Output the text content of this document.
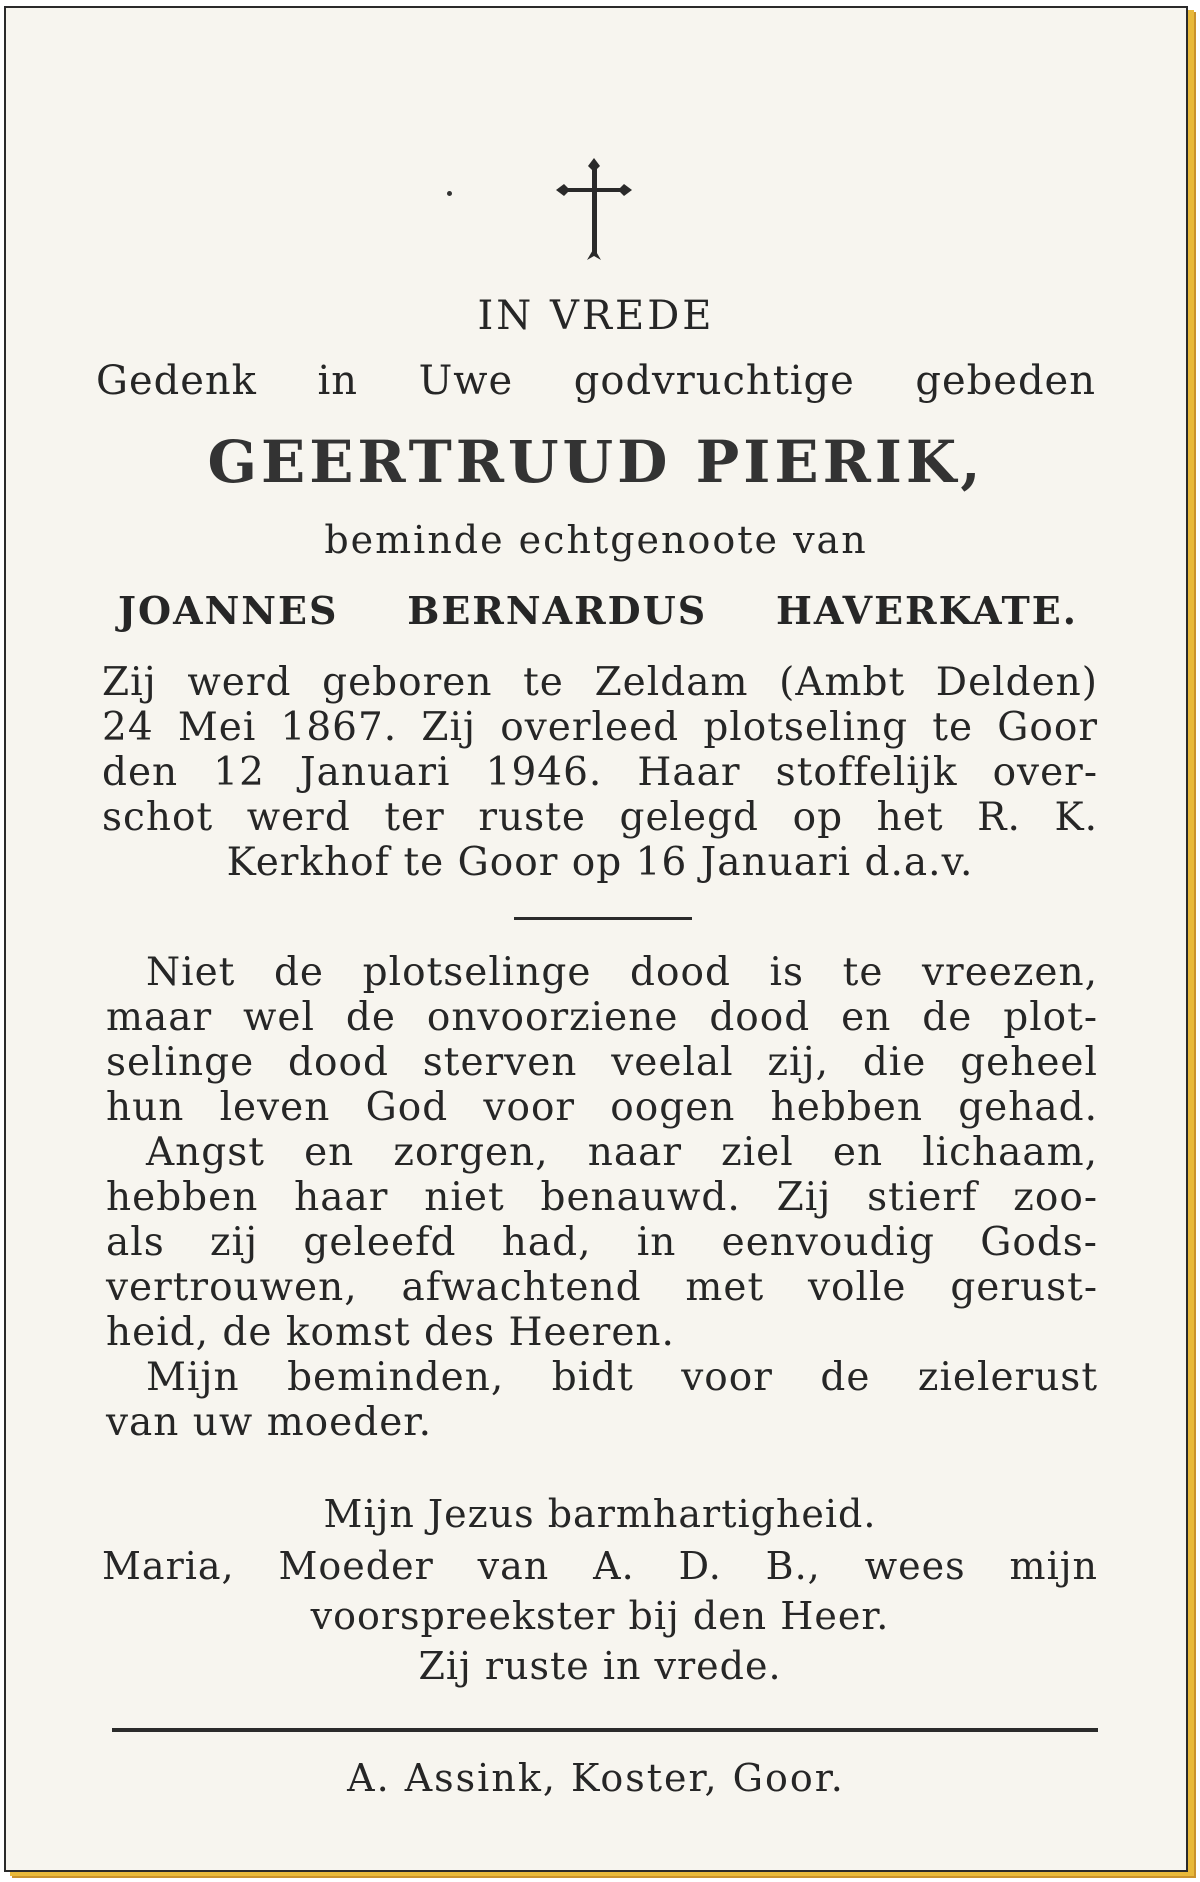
IN VREDE

Gedenk in Uwe godvruchtige gebeden

GEERTRUUD PIERIK,

beminde echtgenoote van

JOANNES BERNARDUS HAVERKATE.

Zij werd geboren te Zeldam (Ambt Delden)
24 Mei 1867. Zij overleed plotseling te Goor
den 12 Januari 1946. Haar stoffelijk over-
schot werd ter ruste gelegd op het R. K.
Kerkhof te Goor op 16 Januari d.a.v.
Niet de plotselinge dood is te vreezen,
maar wel de onvoorziene dood en de plot-
selinge dood sterven veelal zij, die geheel
hun leven God voor oogen hebben gehad.
Angst en zorgen, naar ziel en lichaam,
hebben haar niet benauwd. Zij stierf zoo-
als zij geleefd had, in eenvoudig Gods-
vertrouwen, afwachtend met volle gerust-
heid, de komst des Heeren.
Mijn beminden, bidt voor de zielerust
van uw moeder.
Mijn Jezus barmhartigheid.
Maria, Moeder van A. D. B., wees mijn
voorspreekster bij den Heer.
Zij ruste in vrede.

A. Assink, Koster, Goor.
